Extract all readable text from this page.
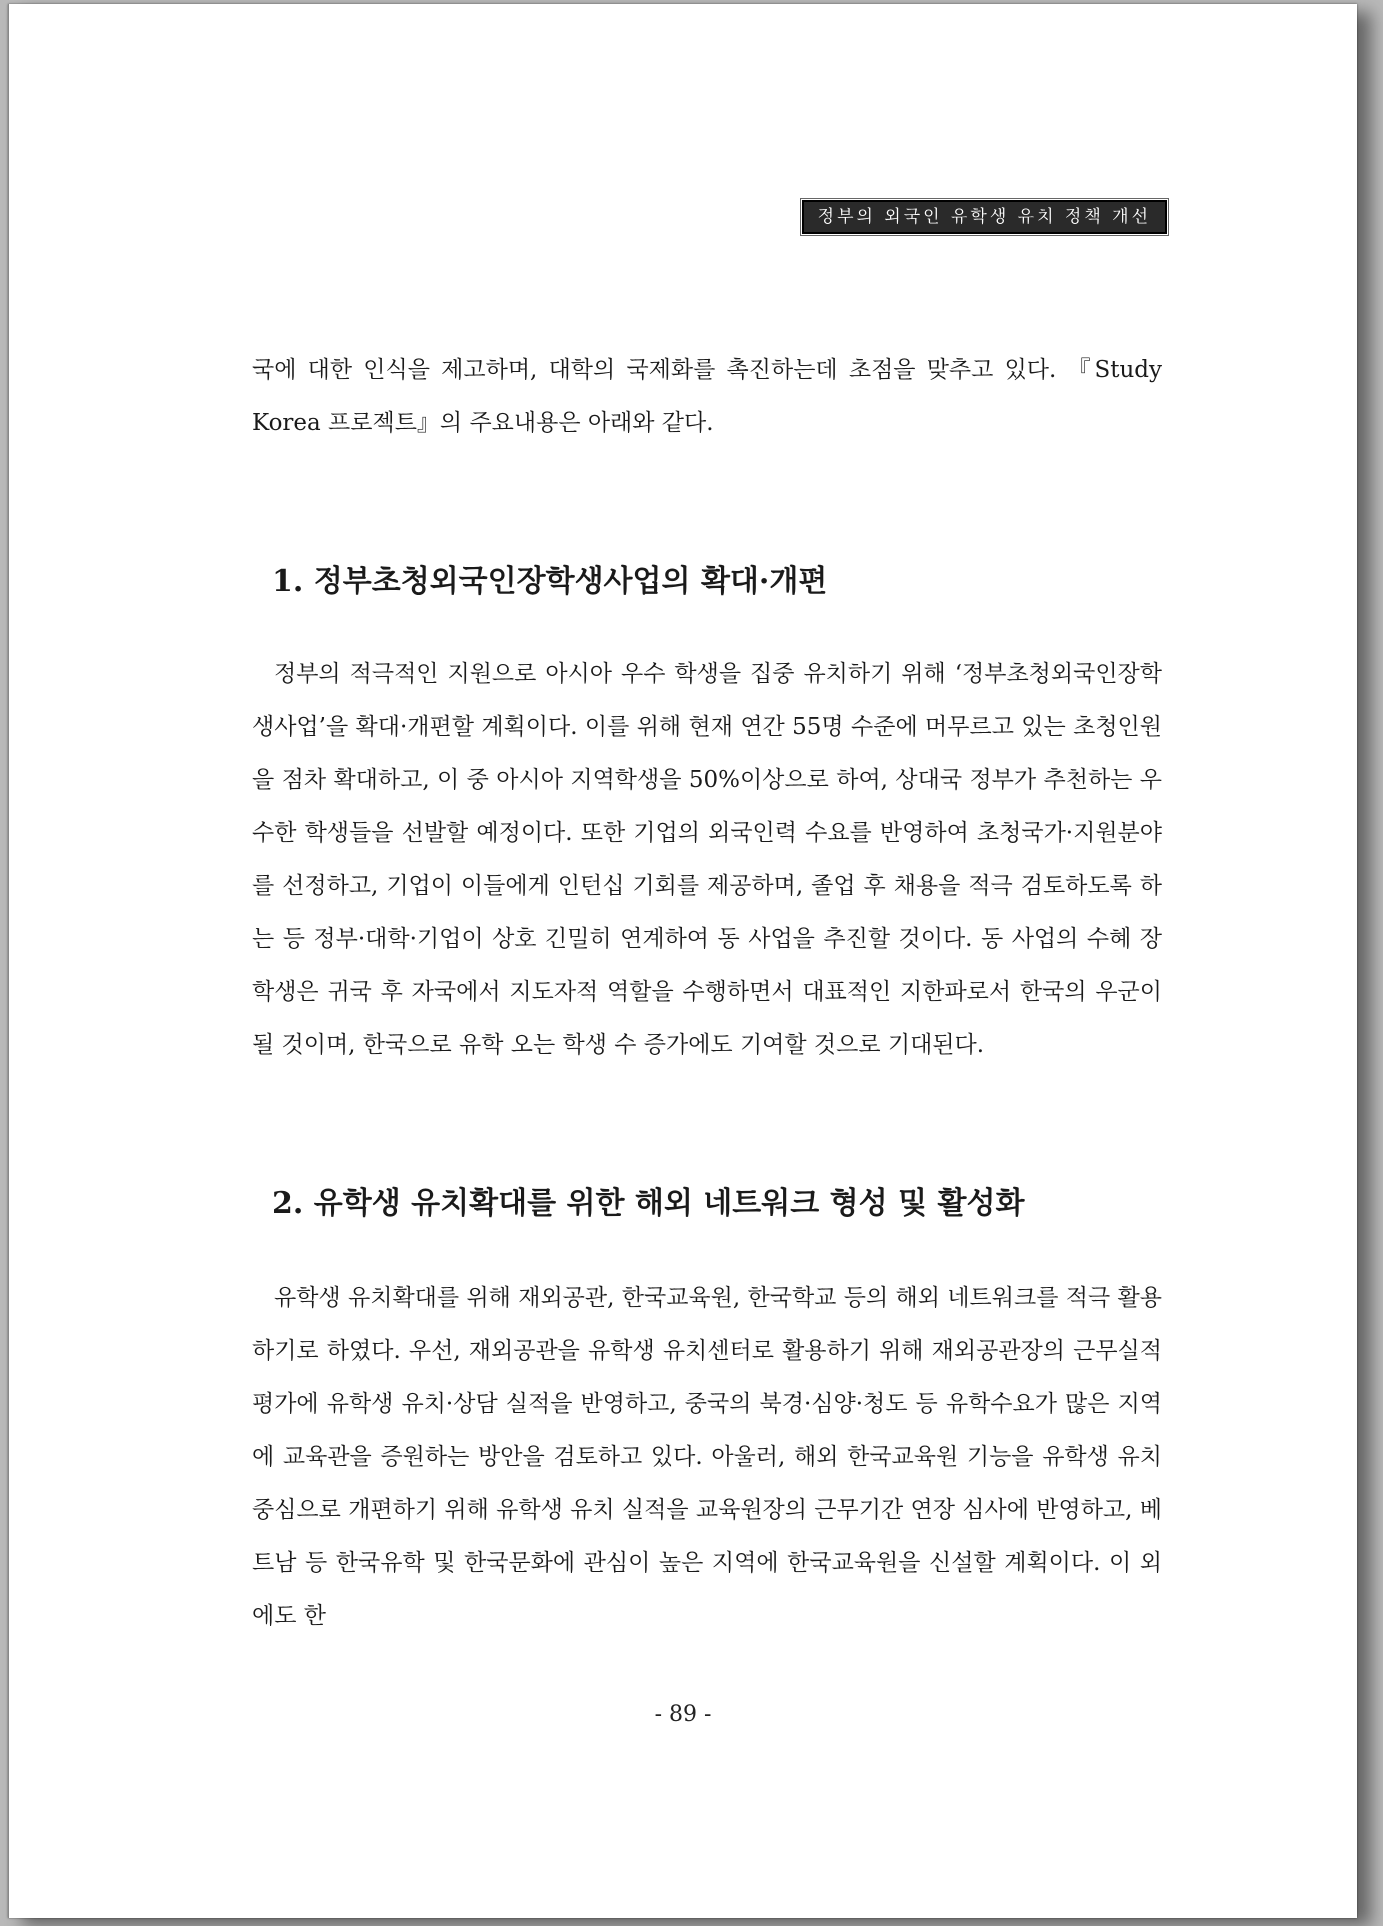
정부의 외국인 유학생 유치 정책 개선

국에 대한 인식을 제고하며, 대학의 국제화를 촉진하는데 초점을 맞추고 있다. 『Study Korea 프로젝트』의 주요내용은 아래와 같다.

1. 정부초청외국인장학생사업의 확대·개편

정부의 적극적인 지원으로 아시아 우수 학생을 집중 유치하기 위해 ‘정부초청외국인장학생사업’을 확대·개편할 계획이다. 이를 위해 현재 연간 55명 수준에 머무르고 있는 초청인원을 점차 확대하고, 이 중 아시아 지역학생을 50%이상으로 하여, 상대국 정부가 추천하는 우수한 학생들을 선발할 예정이다. 또한 기업의 외국인력 수요를 반영하여 초청국가·지원분야를 선정하고, 기업이 이들에게 인턴십 기회를 제공하며, 졸업 후 채용을 적극 검토하도록 하는 등 정부·대학·기업이 상호 긴밀히 연계하여 동 사업을 추진할 것이다. 동 사업의 수혜 장학생은 귀국 후 자국에서 지도자적 역할을 수행하면서 대표적인 지한파로서 한국의 우군이 될 것이며, 한국으로 유학 오는 학생 수 증가에도 기여할 것으로 기대된다.

2. 유학생 유치확대를 위한 해외 네트워크 형성 및 활성화

유학생 유치확대를 위해 재외공관, 한국교육원, 한국학교 등의 해외 네트워크를 적극 활용하기로 하였다. 우선, 재외공관을 유학생 유치센터로 활용하기 위해 재외공관장의 근무실적 평가에 유학생 유치·상담 실적을 반영하고, 중국의 북경·심양·청도 등 유학수요가 많은 지역에 교육관을 증원하는 방안을 검토하고 있다. 아울러, 해외 한국교육원 기능을 유학생 유치중심으로 개편하기 위해 유학생 유치 실적을 교육원장의 근무기간 연장 심사에 반영하고, 베트남 등 한국유학 및 한국문화에 관심이 높은 지역에 한국교육원을 신설할 계획이다. 이 외에도 한

- 89 -
